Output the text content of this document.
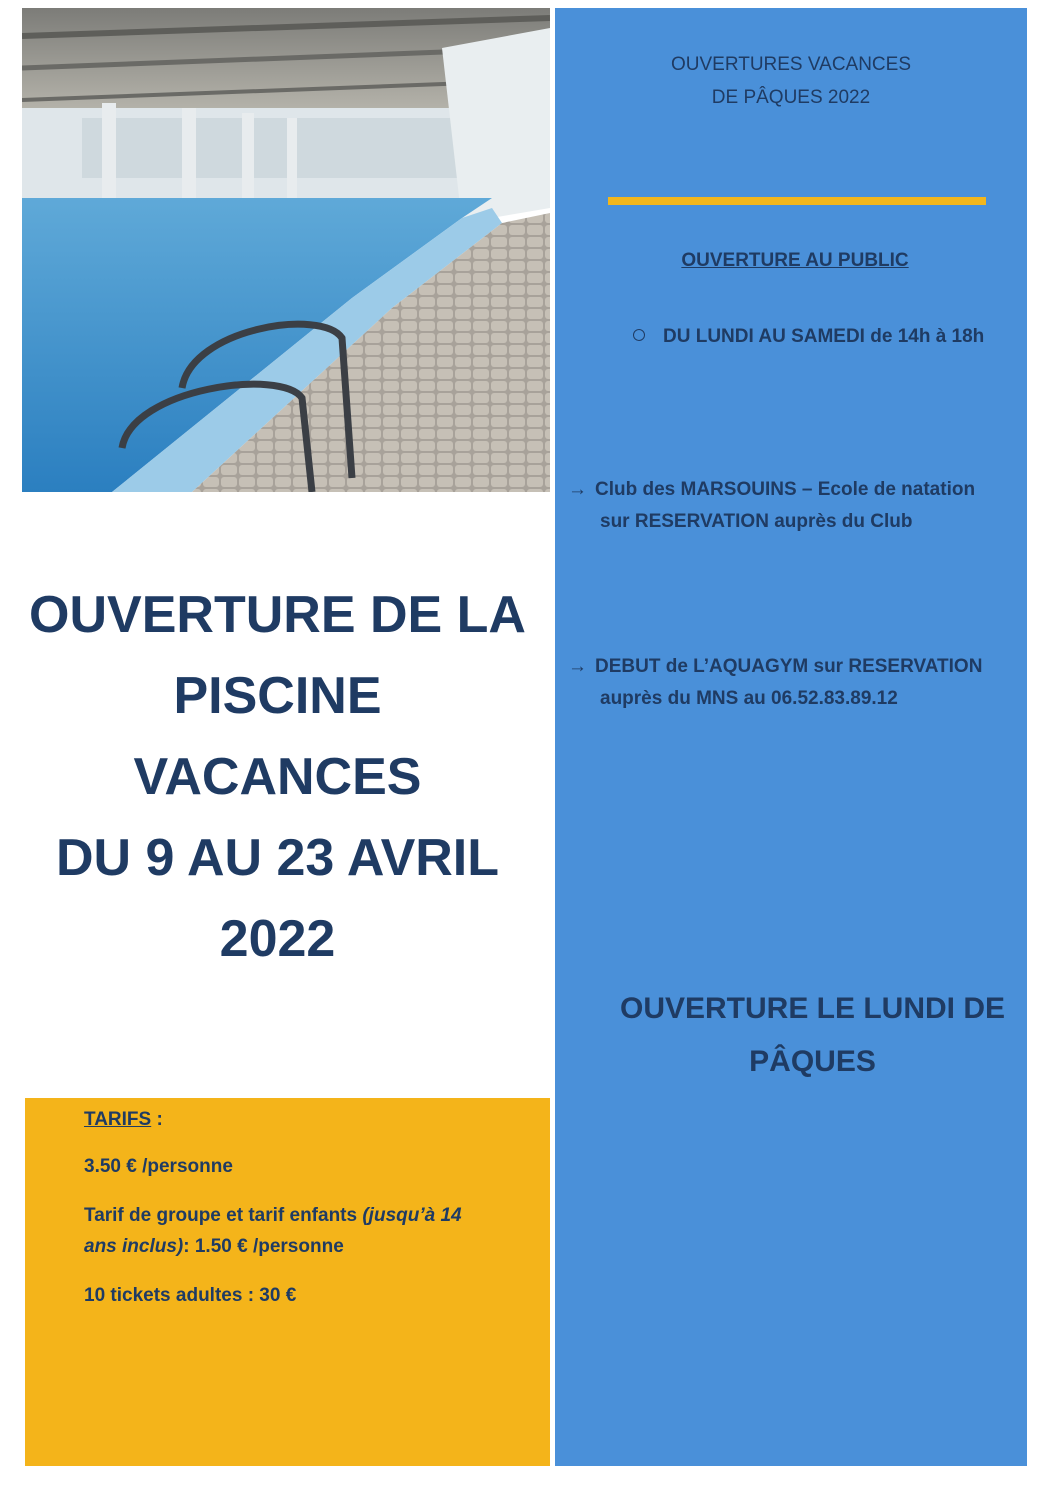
OUVERTURE DE LA
PISCINE
VACANCES
DU 9 AU 23 AVRIL
2022
OUVERTURES VACANCES
DE PÂQUES 2022
OUVERTURE AU PUBLIC
DU LUNDI AU SAMEDI de 14h à 18h
→ Club des MARSOUINS – Ecole de natation
sur RESERVATION auprès du Club
→ DEBUT de L’AQUAGYM sur RESERVATION
auprès du MNS au 06.52.83.89.12
OUVERTURE LE LUNDI DE
PÂQUES
TARIFS :
3.50 € /personne
Tarif de groupe et tarif enfants (jusqu’à 14
ans inclus): 1.50 € /personne
10 tickets adultes : 30 €
